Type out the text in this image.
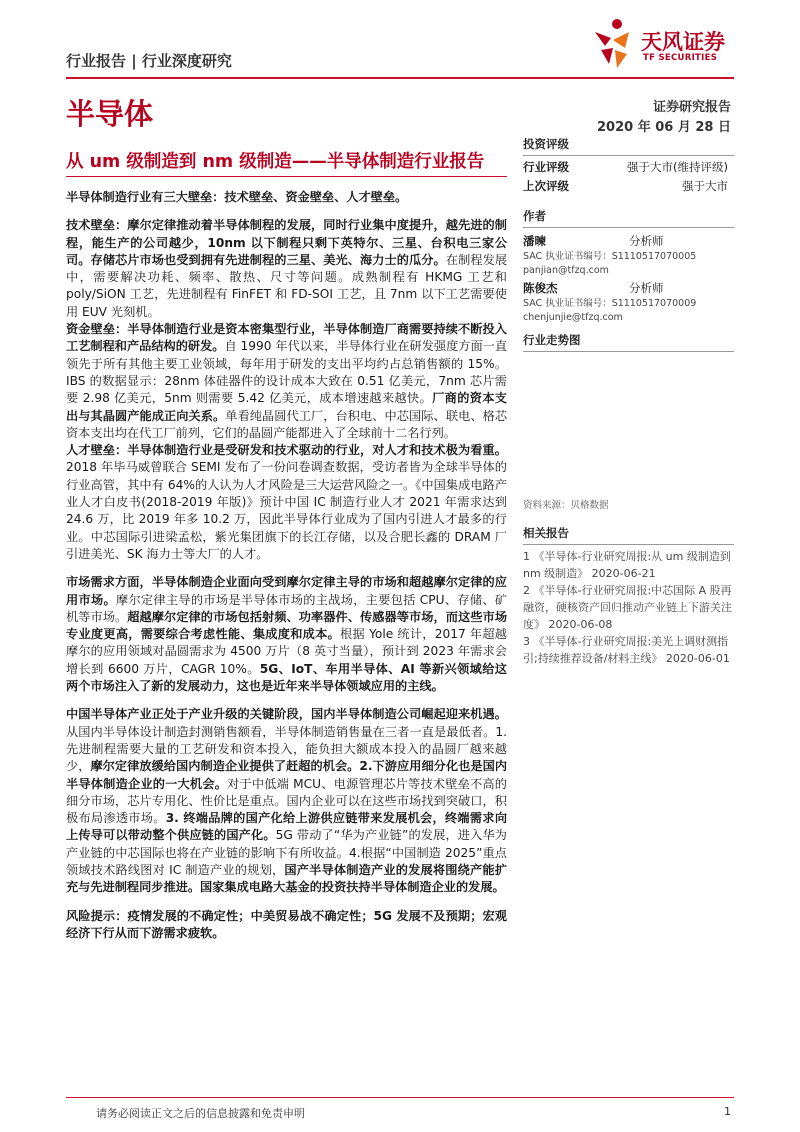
行业报告 | 行业深度研究
天风证券
TF SECURITIES
半导体	证券研究报告
2020 年 06 月 28 日
从 um 级制造到 nm 级制造——半导体制造行业报告

半导体制造行业有三大壁垒：技术壁垒、资金壁垒、人才壁垒。

技术壁垒：摩尔定律推动着半导体制程的发展，同时行业集中度提升，越先进的制程，能生产的公司越少，10nm 以下制程只剩下英特尔、三星、台积电三家公司。存储芯片市场也受到拥有先进制程的三星、美光、海力士的瓜分。在制程发展中，需要解决功耗、频率、散热、尺寸等问题。成熟制程有 HKMG 工艺和 poly/SiON 工艺，先进制程有 FinFET 和 FD-SOI 工艺，且 7nm 以下工艺需要使用 EUV 光刻机。

资金壁垒：半导体制造行业是资本密集型行业，半导体制造厂商需要持续不断投入工艺制程和产品结构的研发。自 1990 年代以来，半导体行业在研发强度方面一直领先于所有其他主要工业领域，每年用于研发的支出平均约占总销售额的 15%。IBS 的数据显示：28nm 体硅器件的设计成本大致在 0.51 亿美元，7nm 芯片需要 2.98 亿美元，5nm 则需要 5.42 亿美元，成本增速越来越快。厂商的资本支出与其晶圆产能成正向关系。单看纯晶圆代工厂，台积电、中芯国际、联电、格芯资本支出均在代工厂前列，它们的晶圆产能都进入了全球前十二名行列。

人才壁垒：半导体制造行业是受研发和技术驱动的行业，对人才和技术极为看重。2018 年毕马威曾联合 SEMI 发布了一份问卷调查数据，受访者皆为全球半导体的行业高管，其中有 64%的人认为人才风险是三大运营风险之一。《中国集成电路产业人才白皮书(2018-2019 年版)》预计中国 IC 制造行业人才 2021 年需求达到 24.6 万，比 2019 年多 10.2 万，因此半导体行业成为了国内引进人才最多的行业。中芯国际引进梁孟松，紫光集团旗下的长江存储，以及合肥长鑫的 DRAM 厂引进美光、SK 海力士等大厂的人才。

市场需求方面，半导体制造企业面向受到摩尔定律主导的市场和超越摩尔定律的应用市场。摩尔定律主导的市场是半导体市场的主战场，主要包括 CPU、存储、矿机等市场。超越摩尔定律的市场包括射频、功率器件、传感器等市场，而这些市场专业度更高，需要综合考虑性能、集成度和成本。根据 Yole 统计，2017 年超越摩尔的应用领域对晶圆需求为 4500 万片（8 英寸当量），预计到 2023 年需求会增长到 6600 万片，CAGR 10%。5G、IoT、车用半导体、AI 等新兴领域给这两个市场注入了新的发展动力，这也是近年来半导体领域应用的主线。

中国半导体产业正处于产业升级的关键阶段，国内半导体制造公司崛起迎来机遇。从国内半导体设计制造封测销售额看，半导体制造销售量在三者一直是最低者。1.先进制程需要大量的工艺研发和资本投入，能负担大额成本投入的晶圆厂越来越少，摩尔定律放缓给国内制造企业提供了赶超的机会。2.下游应用细分化也是国内半导体制造企业的一大机会。对于中低端 MCU、电源管理芯片等技术壁垒不高的细分市场，芯片专用化、性价比是重点。国内企业可以在这些市场找到突破口，积极布局渗透市场。3. 终端品牌的国产化给上游供应链带来发展机会，终端需求向上传导可以带动整个供应链的国产化。5G 带动了“华为产业链”的发展，进入华为产业链的中芯国际也将在产业链的影响下有所收益。4.根据“中国制造 2025”重点领域技术路线图对 IC 制造产业的规划，国产半导体制造产业的发展将围绕产能扩充与先进制程同步推进。国家集成电路大基金的投资扶持半导体制造企业的发展。

风险提示：疫情发展的不确定性；中美贸易战不确定性；5G 发展不及预期；宏观经济下行从而下游需求疲软。

投资评级
行业评级	强于大市(维持评级)
上次评级	强于大市
作者
潘暕	分析师
SAC 执业证书编号：S1110517070005
panjian@tfzq.com
陈俊杰	分析师
SAC 执业证书编号：S1110517070009
chenjunjie@tfzq.com
行业走势图
资料来源：贝格数据
相关报告
1 《半导体-行业研究周报:从 um 级制造到 nm 级制造》 2020-06-21
2 《半导体-行业研究周报:中芯国际 A 股再融资，硬核资产回归推动产业链上下游关注度》 2020-06-08
3 《半导体-行业研究周报:美光上调财测指引;持续推荐设备/材料主线》 2020-06-01
请务必阅读正文之后的信息披露和免责申明	1
